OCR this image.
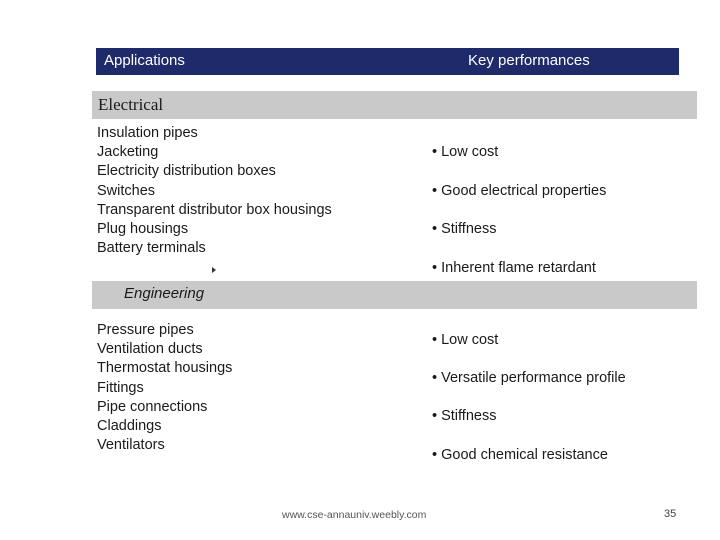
Applications	Key performances
Electrical
Insulation pipes
Jacketing
Electricity distribution boxes
Switches
Transparent distributor box housings
Plug housings
Battery terminals
• Low cost
• Good electrical properties
• Stiffness
• Inherent flame retardant
Engineering
Pressure pipes
Ventilation ducts
Thermostat housings
Fittings
Pipe connections
Claddings
Ventilators
• Low cost
• Versatile performance profile
• Stiffness
• Good chemical resistance
www.cse-annauniv.weebly.com	35
